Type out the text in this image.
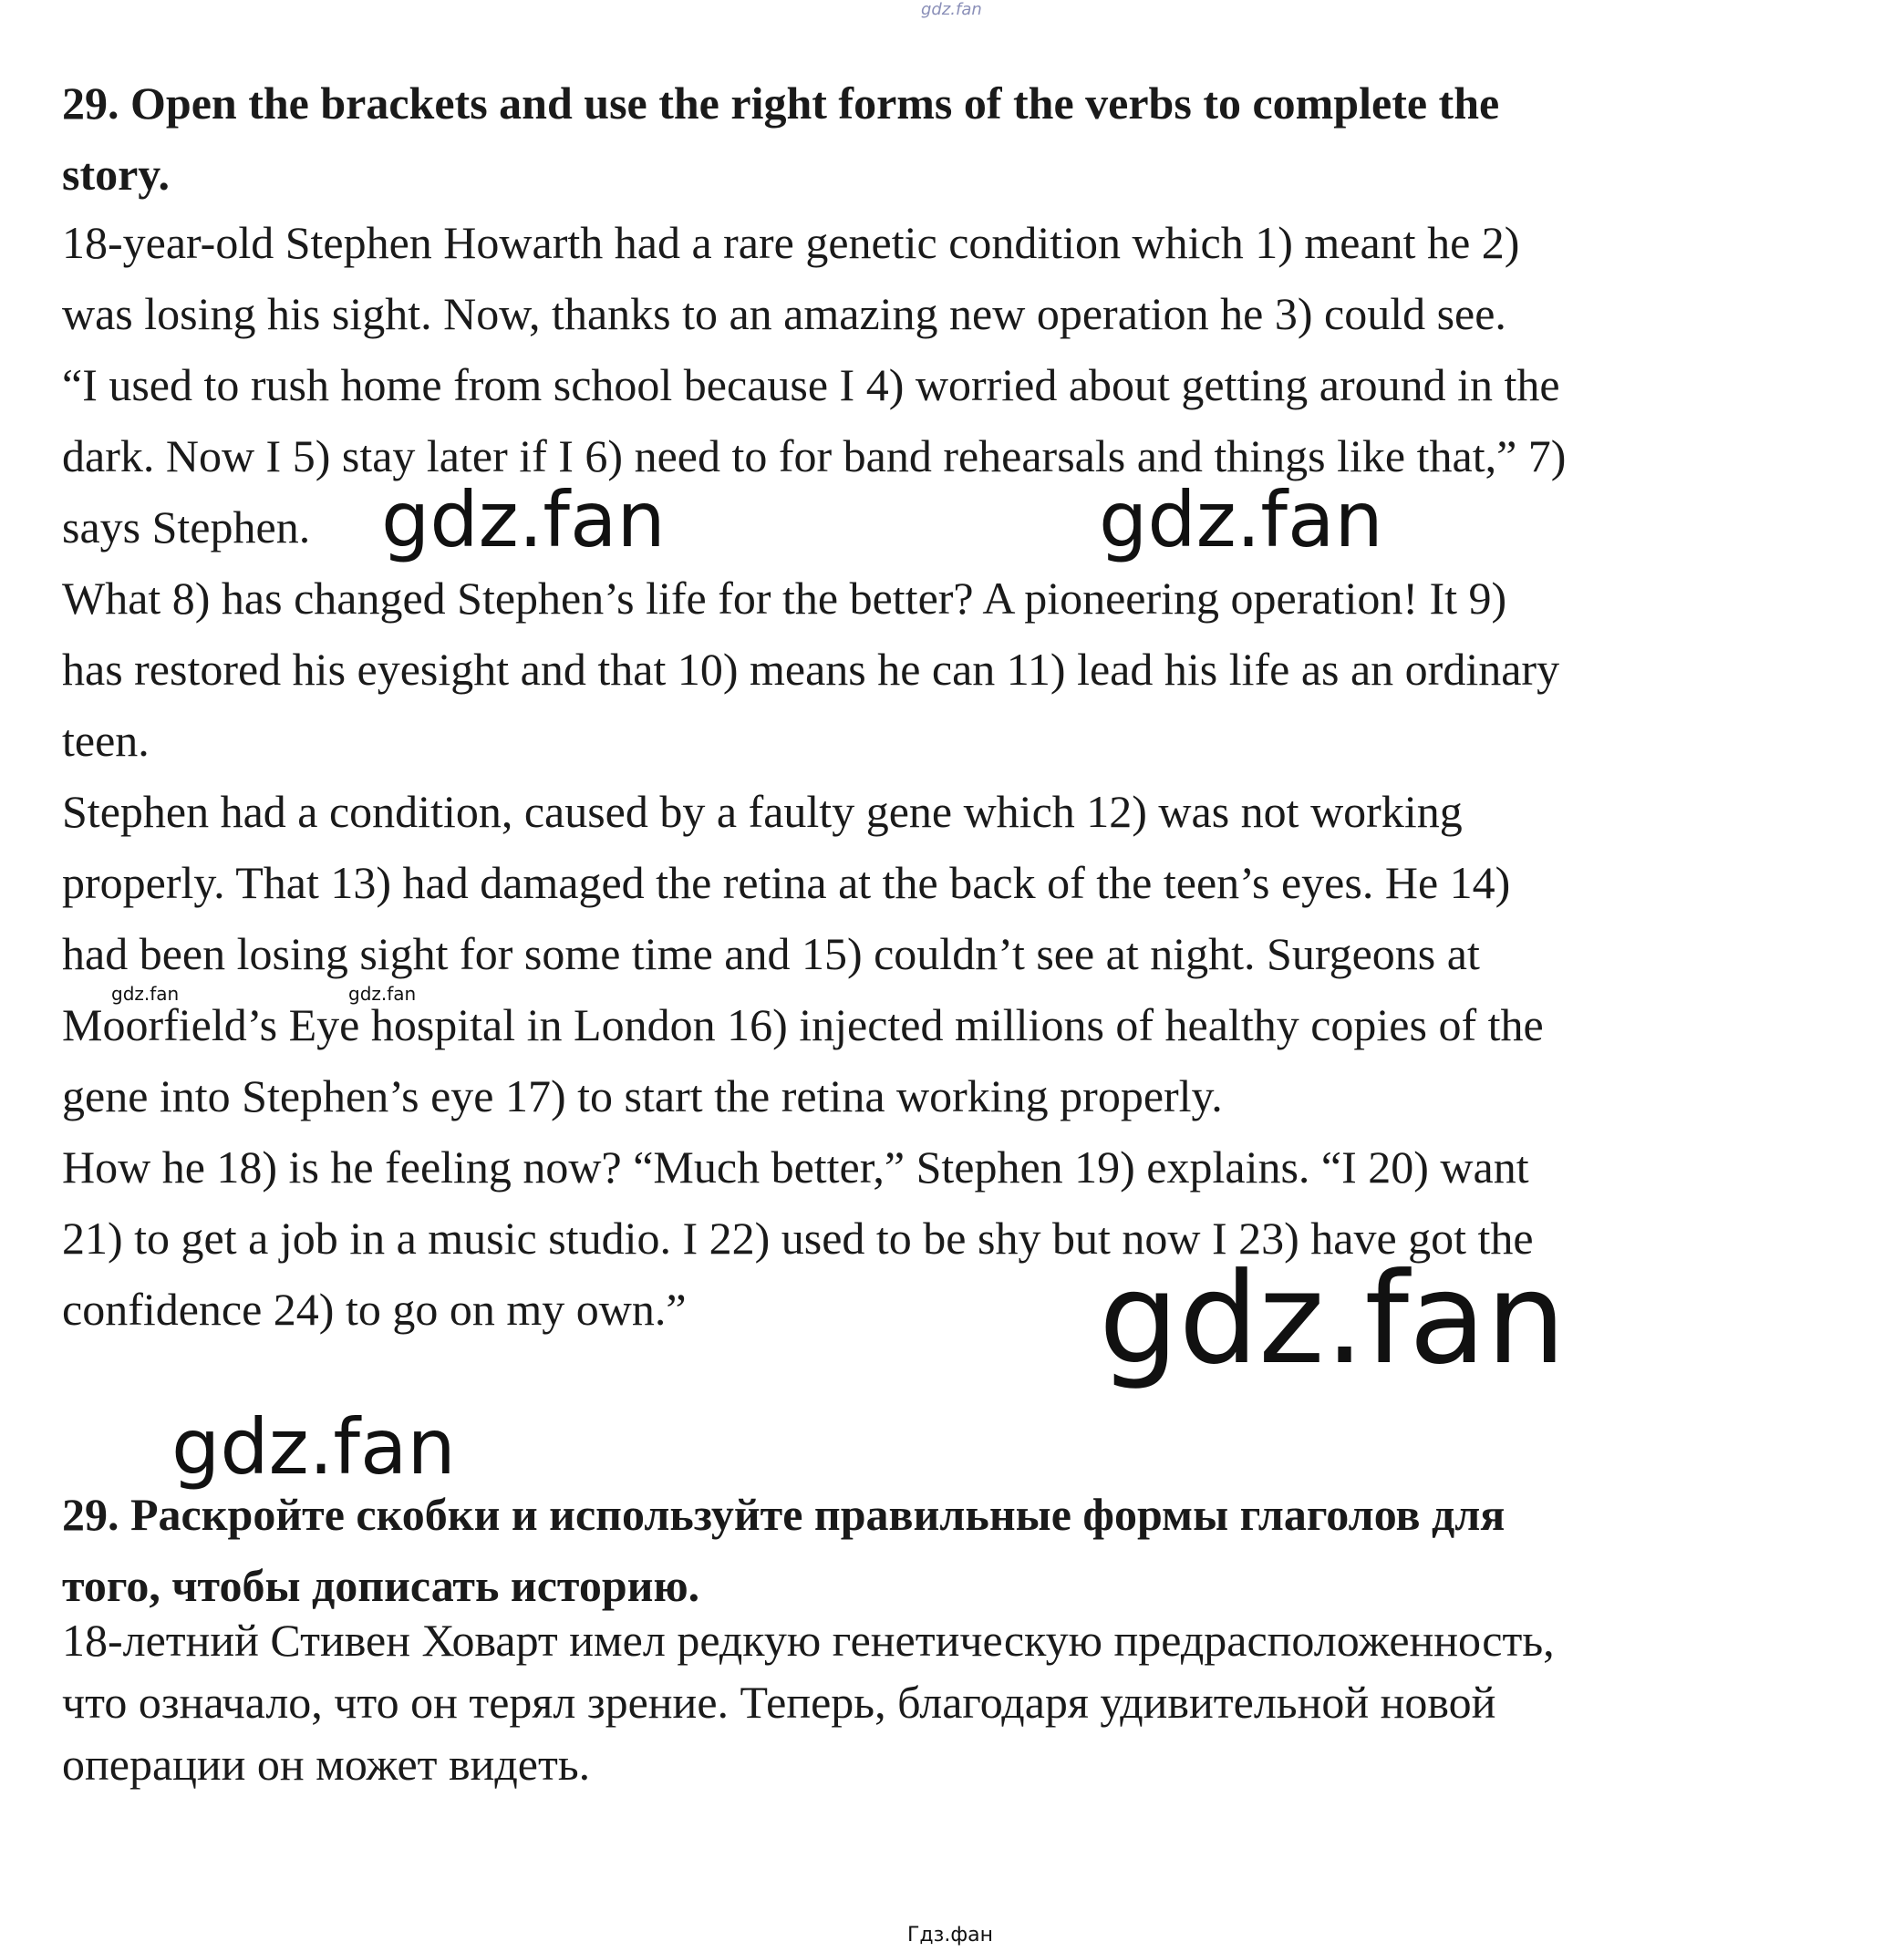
gdz.fan
29. Open the brackets and use the right forms of the verbs to complete the
story.
18-year-old Stephen Howarth had a rare genetic condition which 1) meant he 2)
was losing his sight. Now, thanks to an amazing new operation he 3) could see.
“I used to rush home from school because I 4) worried about getting around in the
dark. Now I 5) stay later if I 6) need to for band rehearsals and things like that,” 7)
says Stephen.
What 8) has changed Stephen’s life for the better? A pioneering operation! It 9)
has restored his eyesight and that 10) means he can 11) lead his life as an ordinary
teen.
Stephen had a condition, caused by a faulty gene which 12) was not working
properly. That 13) had damaged the retina at the back of the teen’s eyes. He 14)
had been losing sight for some time and 15) couldn’t see at night. Surgeons at
Moorfield’s Eye hospital in London 16) injected millions of healthy copies of the
gene into Stephen’s eye 17) to start the retina working properly.
How he 18) is he feeling now? “Much better,” Stephen 19) explains. “I 20) want
21) to get a job in a music studio. I 22) used to be shy but now I 23) have got the
confidence 24) to go on my own.”
gdz.fan	gdz.fan
gdz.fan	gdz.fan
gdz.fan
gdz.fan
29. Раскройте скобки и используйте правильные формы глаголов для
того, чтобы дописать историю.
18-летний Стивен Ховарт имел редкую генетическую предрасположенность,
что означало, что он терял зрение. Теперь, благодаря удивительной новой
операции он может видеть.
Гдз.фан
